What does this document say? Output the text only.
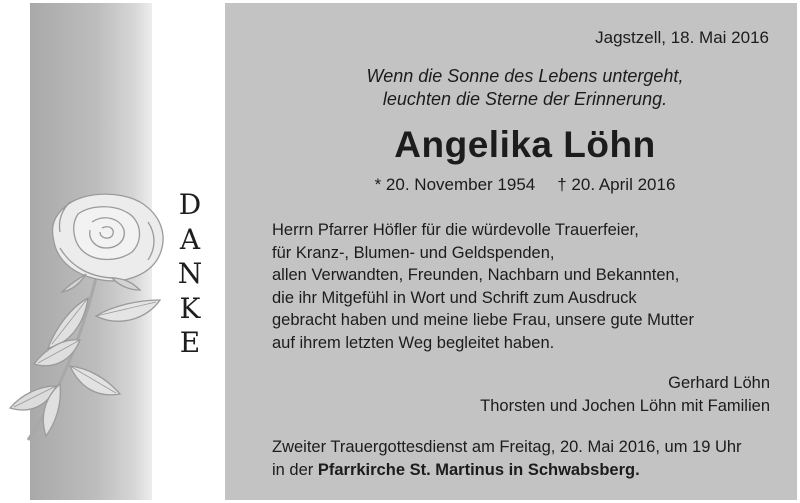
D
A
N
K
E
Jagstzell, 18. Mai 2016
Wenn die Sonne des Lebens untergeht,
leuchten die Sterne der Erinnerung.
Angelika Löhn
* 20. November 1954 † 20. April 2016
Herrn Pfarrer Höfler für die würdevolle Trauerfeier,
für Kranz-, Blumen- und Geldspenden,
allen Verwandten, Freunden, Nachbarn und Bekannten,
die ihr Mitgefühl in Wort und Schrift zum Ausdruck
gebracht haben und meine liebe Frau, unsere gute Mutter
auf ihrem letzten Weg begleitet haben.
Gerhard Löhn
Thorsten und Jochen Löhn mit Familien
Zweiter Trauergottesdienst am Freitag, 20. Mai 2016, um 19 Uhr
in der Pfarrkirche St. Martinus in Schwabsberg.
